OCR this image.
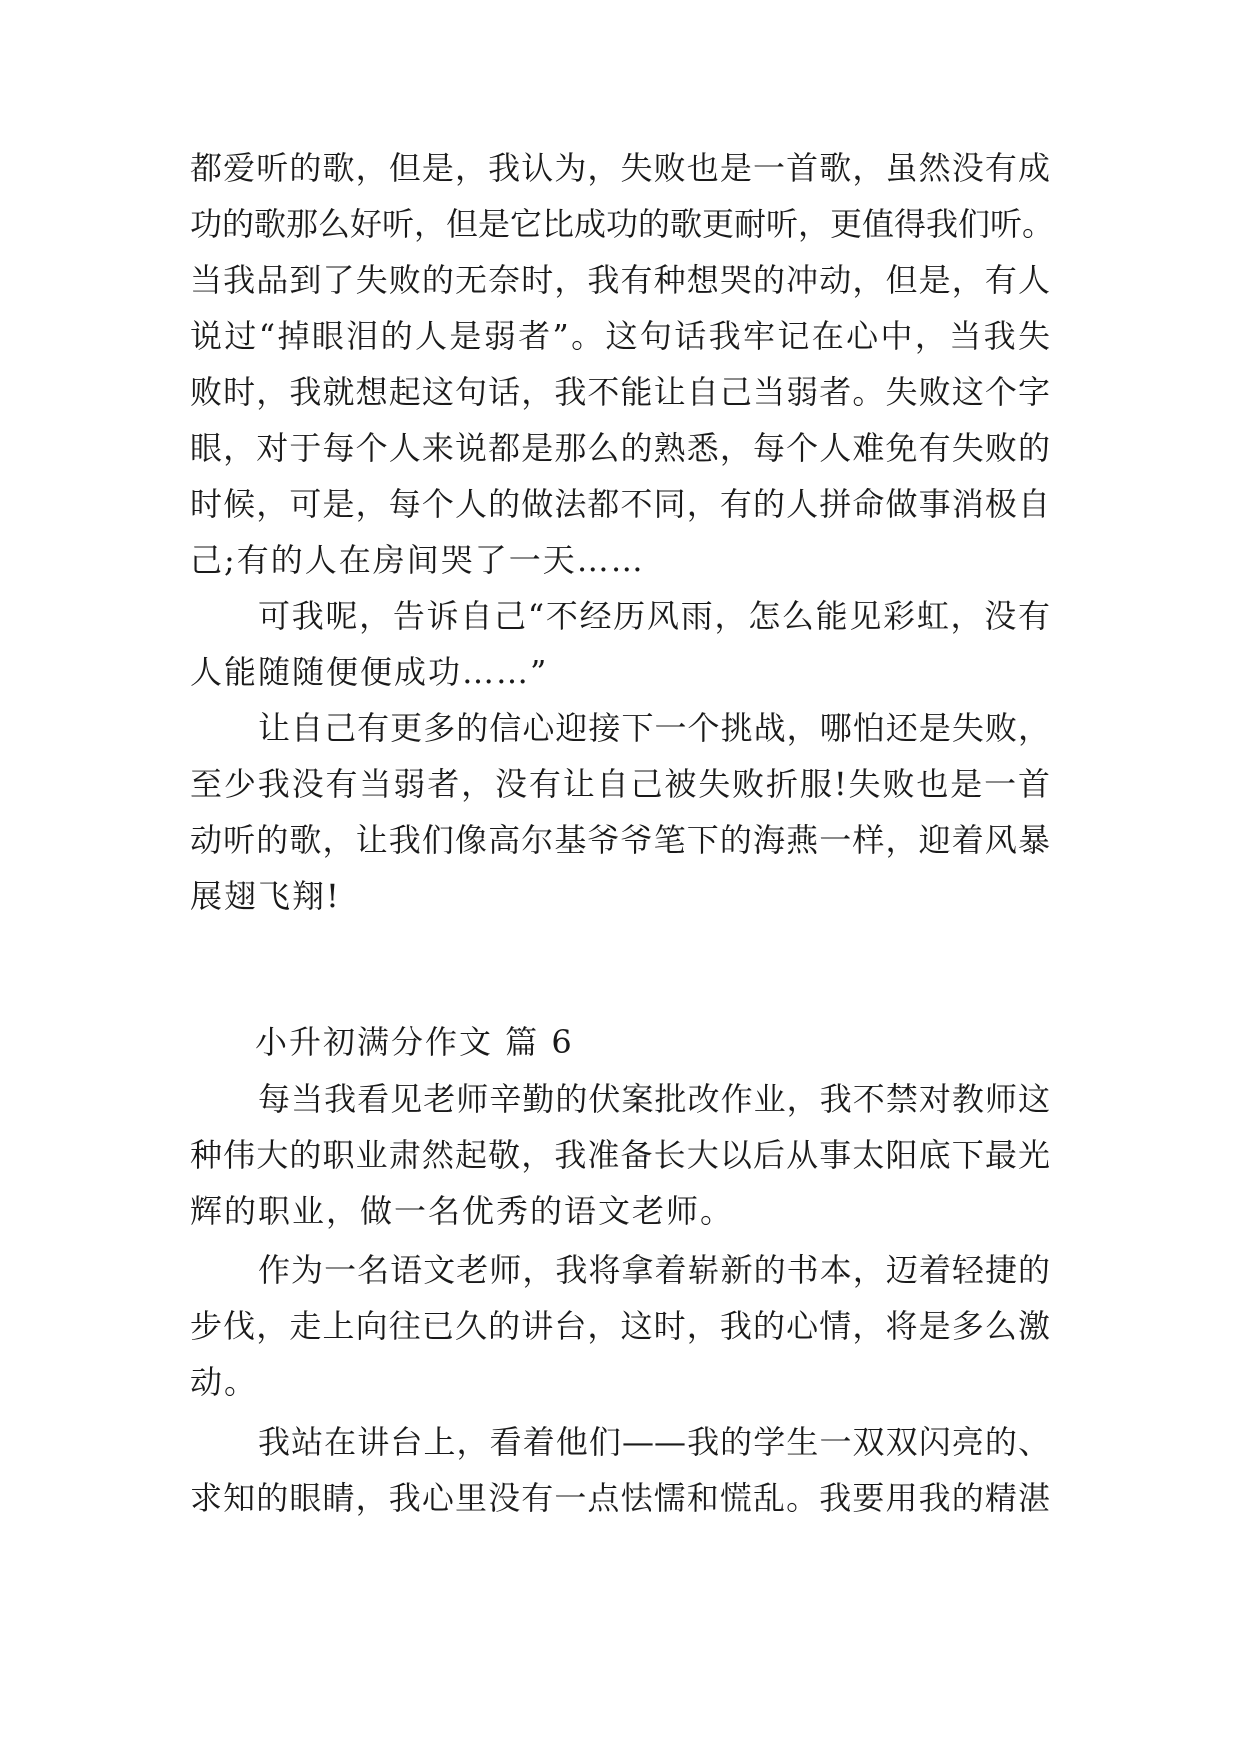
都爱听的歌，但是，我认为，失败也是一首歌，虽然没有成
功的歌那么好听，但是它比成功的歌更耐听，更值得我们听。
当我品到了失败的无奈时，我有种想哭的冲动，但是，有人
说过“掉眼泪的人是弱者”。这句话我牢记在心中，当我失
败时，我就想起这句话，我不能让自己当弱者。失败这个字
眼，对于每个人来说都是那么的熟悉，每个人难免有失败的
时候，可是，每个人的做法都不同，有的人拼命做事消极自
己;有的人在房间哭了一天……
可我呢，告诉自己“不经历风雨，怎么能见彩虹，没有
人能随随便便成功……”
让自己有更多的信心迎接下一个挑战，哪怕还是失败，
至少我没有当弱者，没有让自己被失败折服!失败也是一首
动听的歌，让我们像高尔基爷爷笔下的海燕一样，迎着风暴
展翅飞翔!
小升初满分作文 篇 6
每当我看见老师辛勤的伏案批改作业，我不禁对教师这
种伟大的职业肃然起敬，我准备长大以后从事太阳底下最光
辉的职业，做一名优秀的语文老师。
作为一名语文老师，我将拿着崭新的书本，迈着轻捷的
步伐，走上向往已久的讲台，这时，我的心情，将是多么激
动。
我站在讲台上，看着他们——我的学生一双双闪亮的、
求知的眼睛，我心里没有一点怯懦和慌乱。我要用我的精湛
